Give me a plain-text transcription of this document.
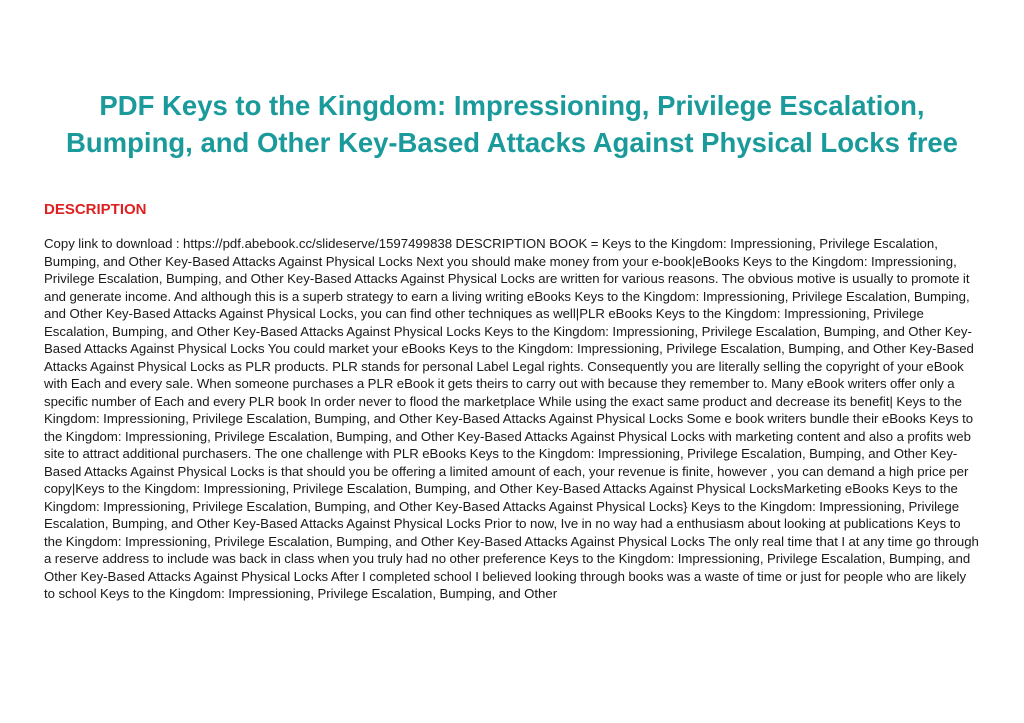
PDF Keys to the Kingdom: Impressioning, Privilege Escalation, Bumping, and Other Key-Based Attacks Against Physical Locks free
DESCRIPTION

Copy link to download : https://pdf.abebook.cc/slideserve/1597499838 DESCRIPTION BOOK = Keys to the Kingdom: Impressioning, Privilege Escalation, Bumping, and Other Key-Based Attacks Against Physical Locks Next you should make money from your e-book|eBooks Keys to the Kingdom: Impressioning, Privilege Escalation, Bumping, and Other Key-Based Attacks Against Physical Locks are written for various reasons. The obvious motive is usually to promote it and generate income. And although this is a superb strategy to earn a living writing eBooks Keys to the Kingdom: Impressioning, Privilege Escalation, Bumping, and Other Key-Based Attacks Against Physical Locks, you can find other techniques as well|PLR eBooks Keys to the Kingdom: Impressioning, Privilege Escalation, Bumping, and Other Key-Based Attacks Against Physical Locks Keys to the Kingdom: Impressioning, Privilege Escalation, Bumping, and Other Key-Based Attacks Against Physical Locks You could market your eBooks Keys to the Kingdom: Impressioning, Privilege Escalation, Bumping, and Other Key-Based Attacks Against Physical Locks as PLR products. PLR stands for personal Label Legal rights. Consequently you are literally selling the copyright of your eBook with Each and every sale. When someone purchases a PLR eBook it gets theirs to carry out with because they remember to. Many eBook writers offer only a specific number of Each and every PLR book In order never to flood the marketplace While using the exact same product and decrease its benefit| Keys to the Kingdom: Impressioning, Privilege Escalation, Bumping, and Other Key-Based Attacks Against Physical Locks Some e book writers bundle their eBooks Keys to the Kingdom: Impressioning, Privilege Escalation, Bumping, and Other Key-Based Attacks Against Physical Locks with marketing content and also a profits web site to attract additional purchasers. The one challenge with PLR eBooks Keys to the Kingdom: Impressioning, Privilege Escalation, Bumping, and Other Key-Based Attacks Against Physical Locks is that should you be offering a limited amount of each, your revenue is finite, however , you can demand a high price per copy|Keys to the Kingdom: Impressioning, Privilege Escalation, Bumping, and Other Key-Based Attacks Against Physical LocksMarketing eBooks Keys to the Kingdom: Impressioning, Privilege Escalation, Bumping, and Other Key-Based Attacks Against Physical Locks} Keys to the Kingdom: Impressioning, Privilege Escalation, Bumping, and Other Key-Based Attacks Against Physical Locks Prior to now, Ive in no way had a enthusiasm about looking at publications Keys to the Kingdom: Impressioning, Privilege Escalation, Bumping, and Other Key-Based Attacks Against Physical Locks The only real time that I at any time go through a reserve address to include was back in class when you truly had no other preference Keys to the Kingdom: Impressioning, Privilege Escalation, Bumping, and Other Key-Based Attacks Against Physical Locks After I completed school I believed looking through books was a waste of time or just for people who are likely to school Keys to the Kingdom: Impressioning, Privilege Escalation, Bumping, and Other
